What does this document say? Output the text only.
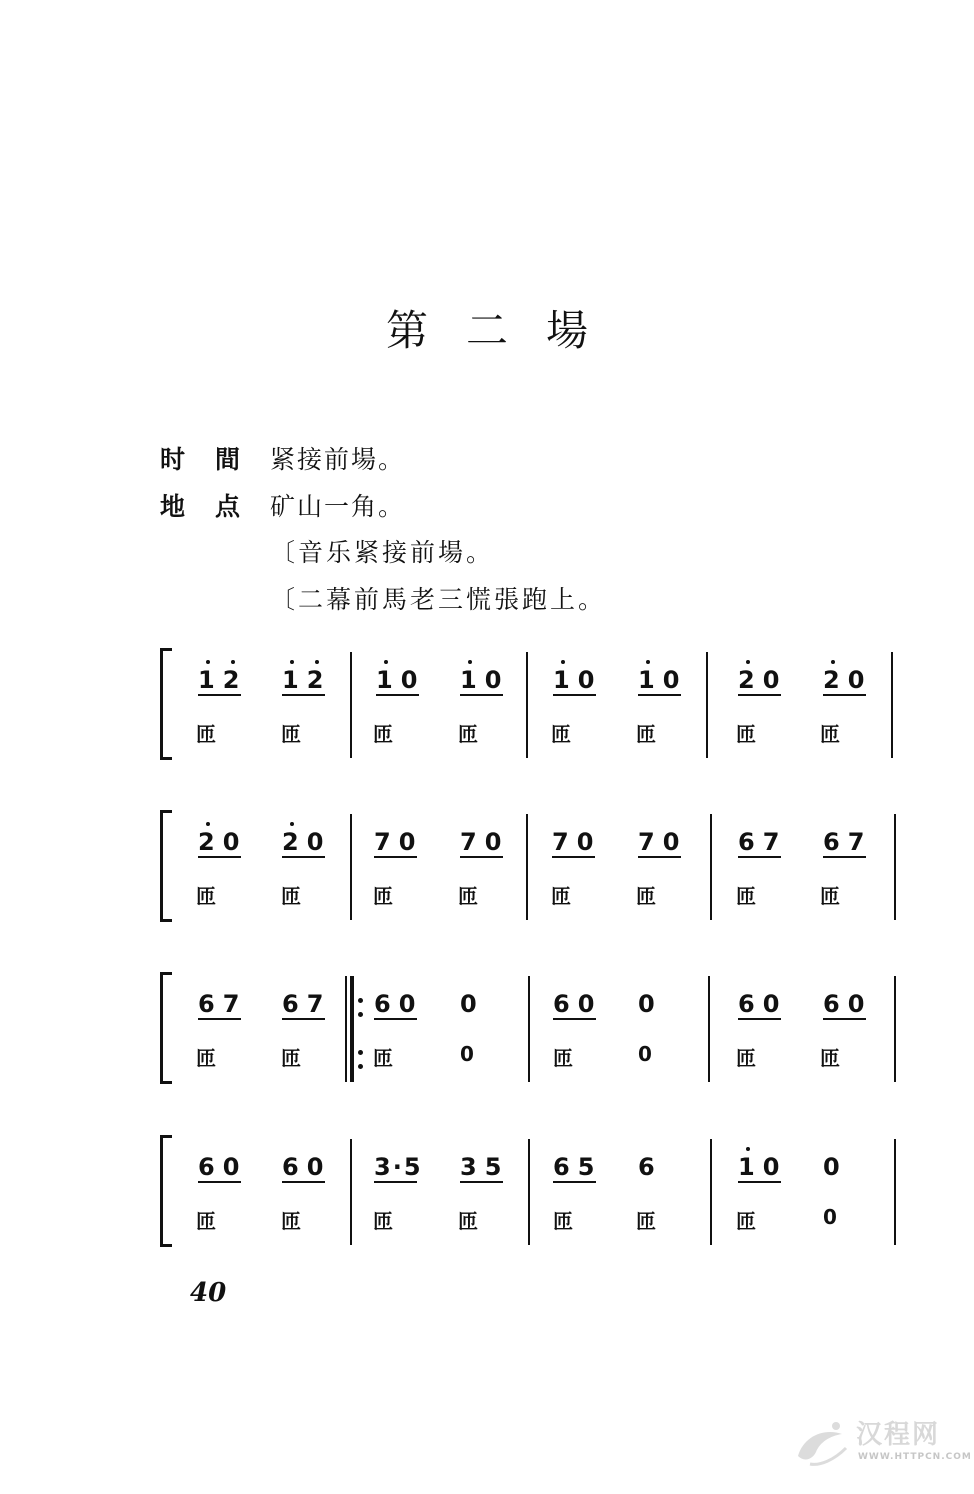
第二場
时間紧接前場。
地点矿山一角。
〔音乐紧接前場。
〔二幕前馬老三慌張跑上。
12 12 10 10 10 10 20 20
匝	匝	匝	匝	匝	匝	匝	匝
20 20 70 70 70 70 67 67
匝	匝	匝	匝	匝	匝	匝	匝
67 67 60 0	60 0	60 60
匝	匝	匝	0	匝	0	匝	匝
60 60 3·5 35 65 6	10 0
匝	匝	匝	匝	匝	匝	匝	0
40
汉程网
WWW.HTTPCN.COM
